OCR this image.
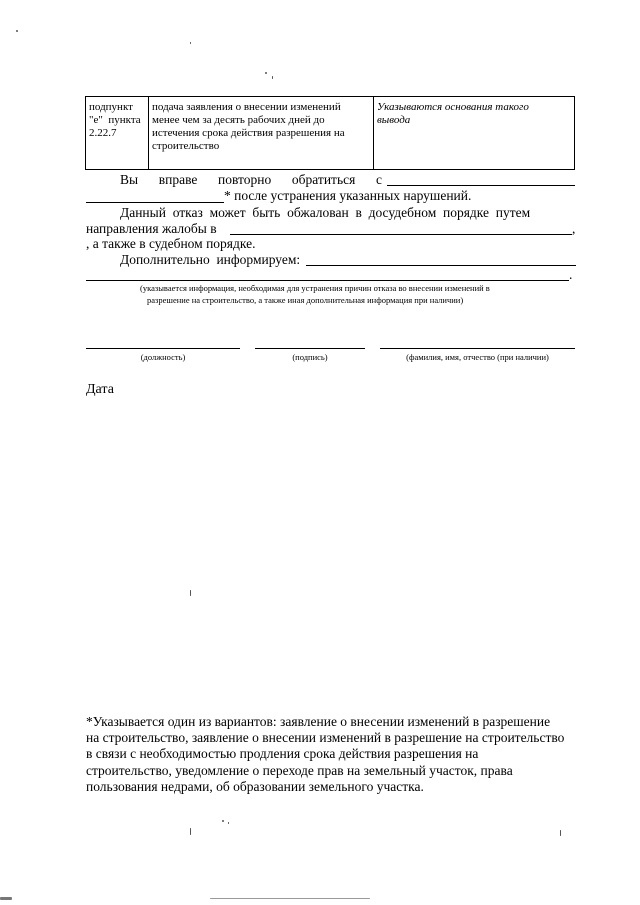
подпункт
"е"  пункта
2.22.7

подача заявления о внесении изменений
менее чем за десять рабочих дней до
истечения срока действия разрешения на
строительство

Указываются основания такого
вывода
Вы вправе повторно обратиться с
* после устранения указанных нарушений.
Данный  отказ  может  быть  обжалован  в  досудебном  порядке  путем
направления жалобы в	,
, а также в судебном порядке.
Дополнительно  информируем:
.
(указывается информация, необходимая для устранения причин отказа во внесении изменений в
разрешение на строительство, а также иная дополнительная информация при наличии)
(должность)	(подпись)	(фамилия, имя, отчество (при наличии)
Дата
*Указывается один из вариантов: заявление о внесении изменений в разрешение
на строительство, заявление о внесении изменений в разрешение на строительство
в связи с необходимостью продления срока действия разрешения на
строительство, уведомление о переходе прав на земельный участок, права
пользования недрами, об образовании земельного участка.
